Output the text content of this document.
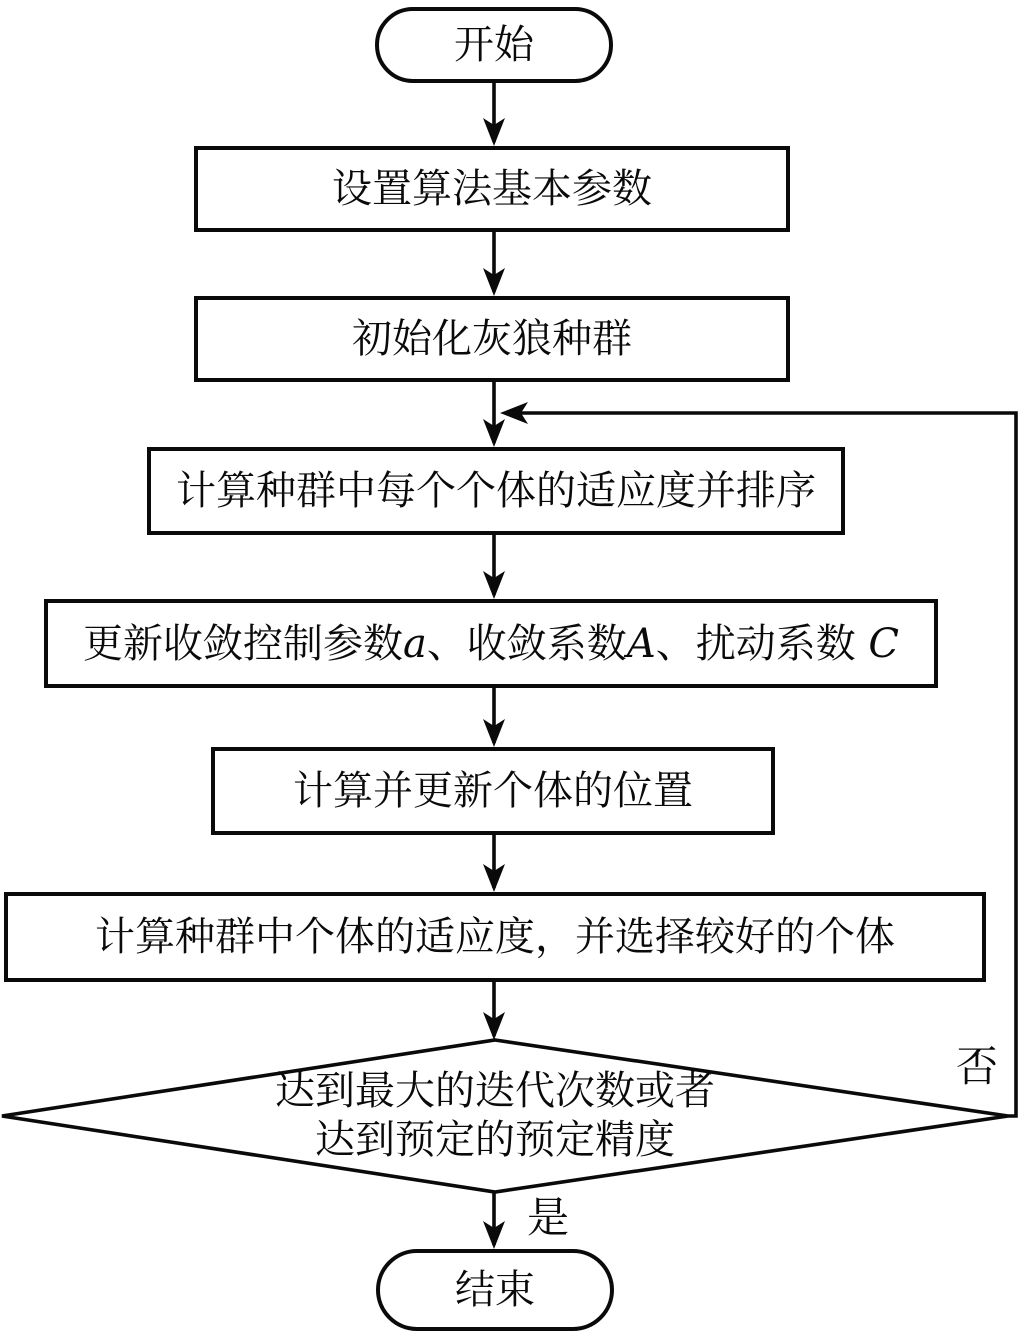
开始
设置算法基本参数
初始化灰狼种群
计算种群中每个个体的适应度并排序
更新收敛控制参数a、收敛系数A、扰动系数 C
计算并更新个体的位置
计算种群中个体的适应度，并选择较好的个体
达到最大的迭代次数或者
达到预定的预定精度
是
否
结束
